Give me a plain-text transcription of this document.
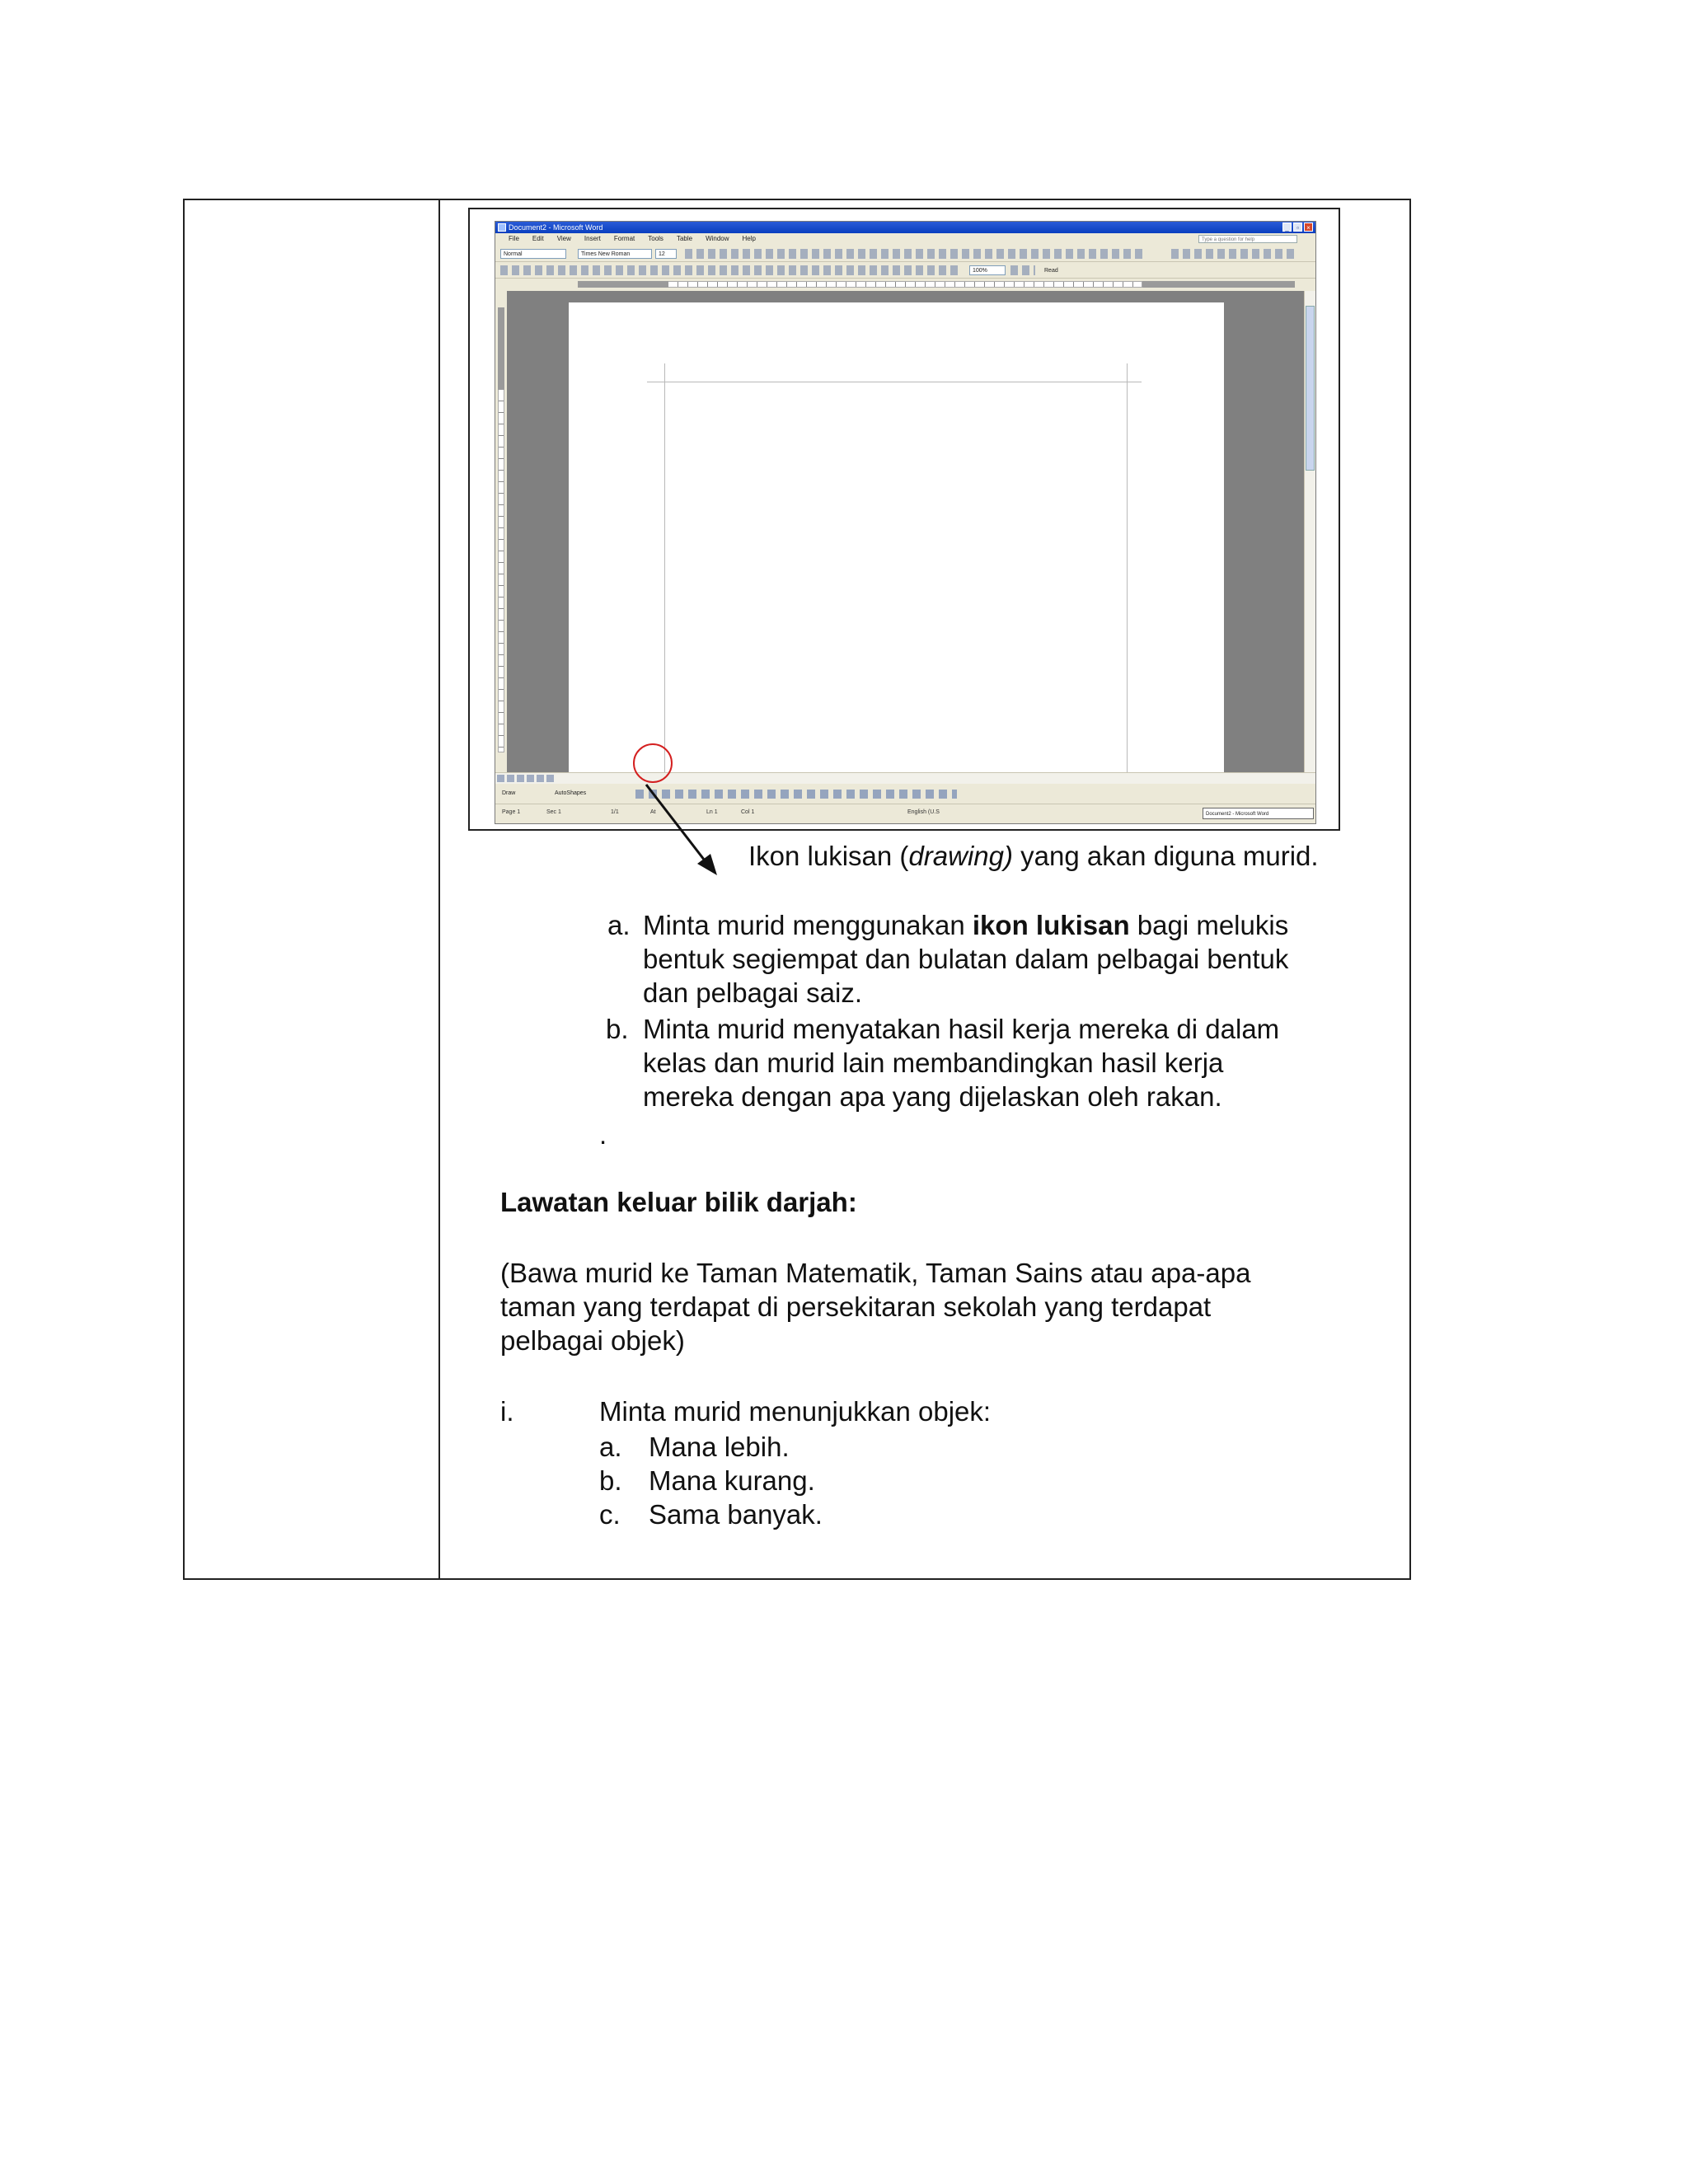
Document2 - Microsoft Word	_	▫	×
File Edit View Insert Format Tools Table Window Help	Type a question for help
Normal	Times New Roman	12
100%	Read
Draw	AutoShapes
Page 1	Sec 1	1/1	At	Ln 1	Col 1	English (U.S	Document2 - Microsoft Word
Ikon lukisan (drawing) yang akan diguna murid.
a. Minta murid menggunakan ikon lukisan bagi melukis
bentuk segiempat dan bulatan dalam pelbagai bentuk
dan pelbagai saiz.
b. Minta murid menyatakan hasil kerja mereka di dalam
kelas dan murid lain membandingkan hasil kerja
mereka dengan apa yang dijelaskan oleh rakan.
.
Lawatan keluar bilik darjah:
(Bawa murid ke Taman Matematik, Taman Sains atau apa-apa
taman yang terdapat di persekitaran sekolah yang terdapat
pelbagai objek)
i.	Minta murid menunjukkan objek:
a. Mana lebih.
b. Mana kurang.
c. Sama banyak.
